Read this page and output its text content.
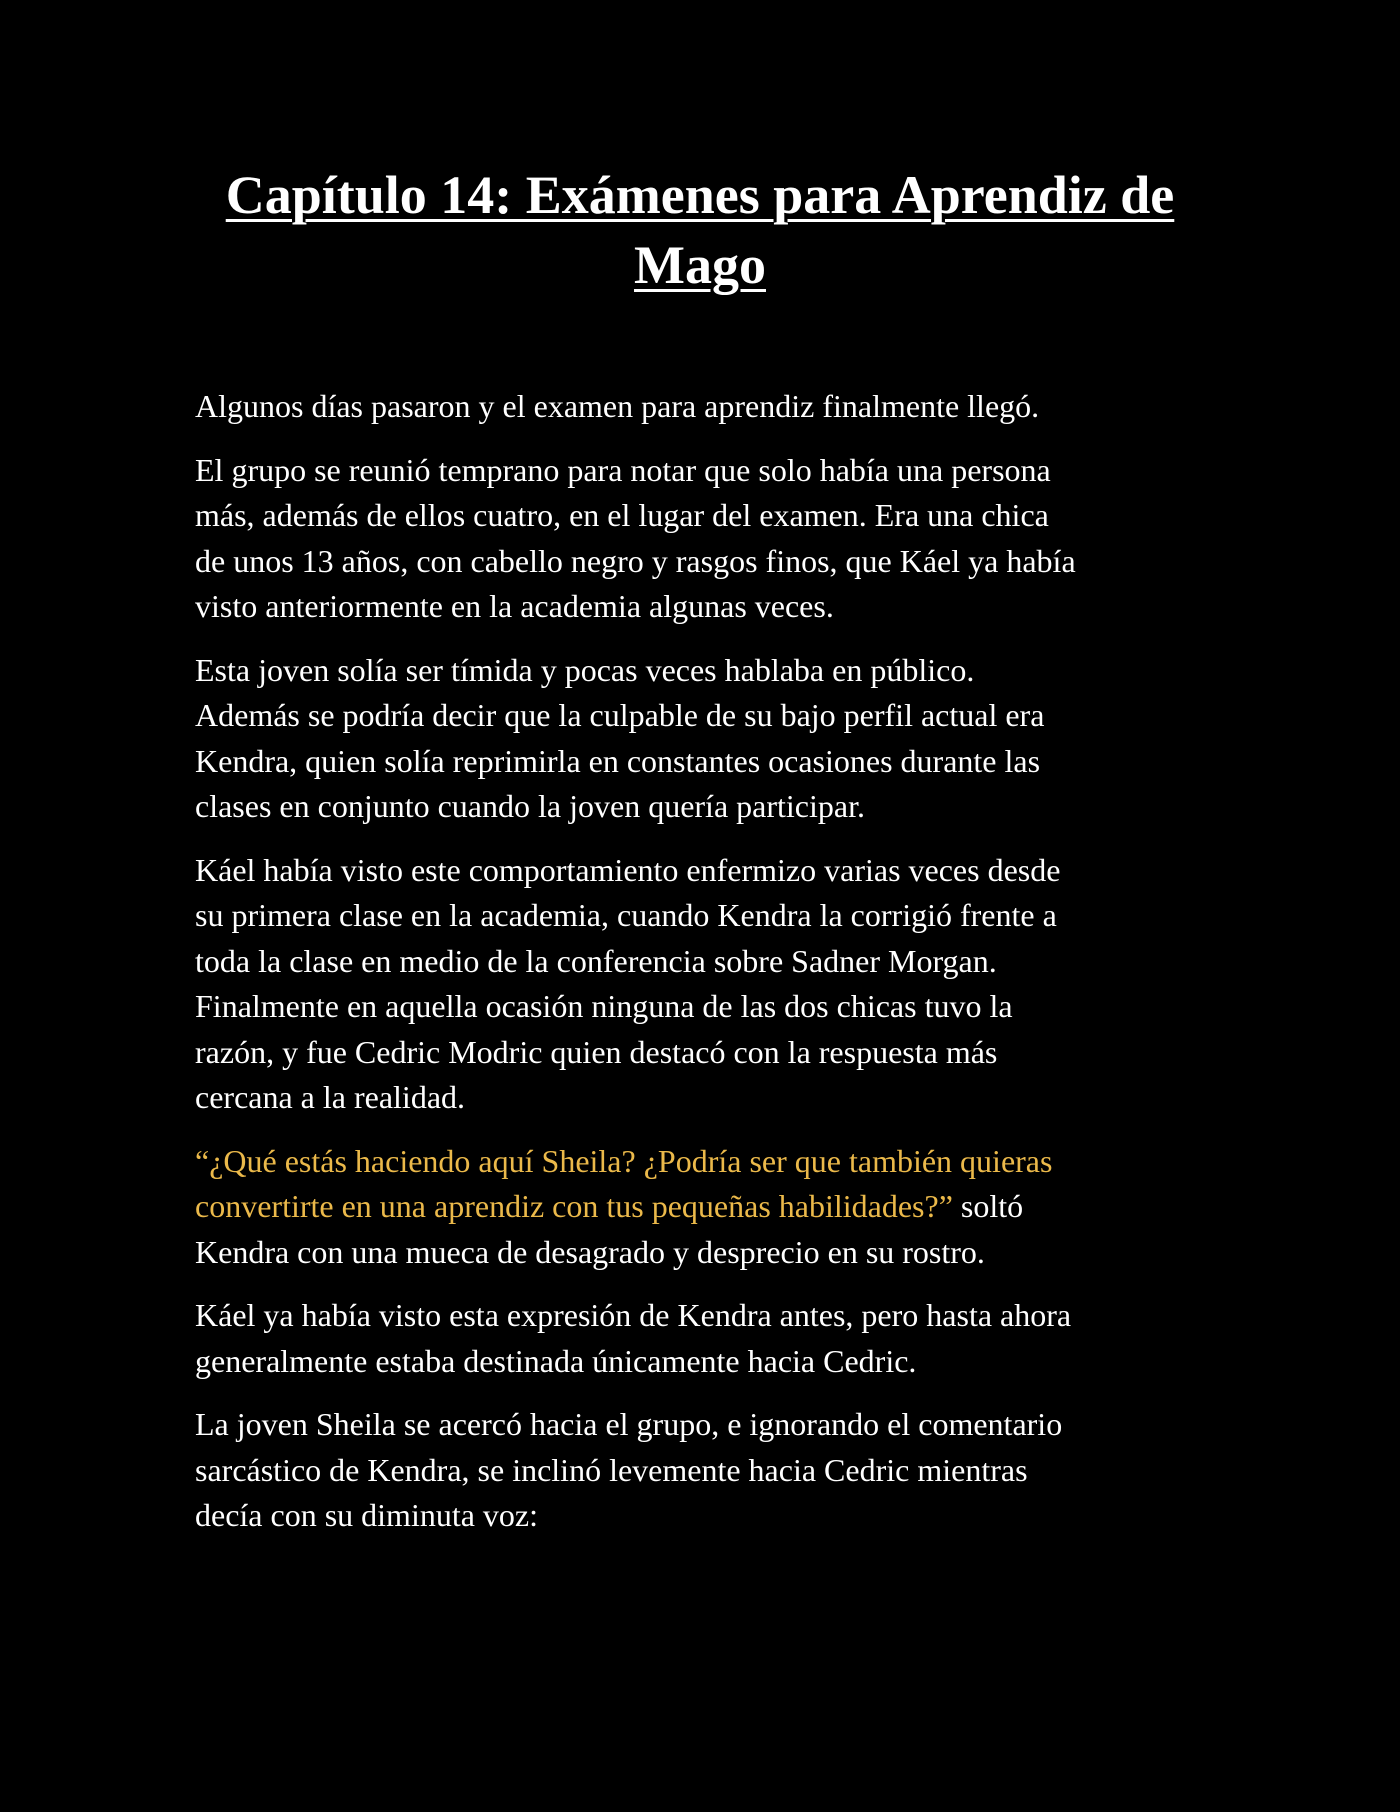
Capítulo 14: Exámenes para Aprendiz de
Mago

Algunos días pasaron y el examen para aprendiz finalmente llegó.

El grupo se reunió temprano para notar que solo había una persona
más, además de ellos cuatro, en el lugar del examen. Era una chica
de unos 13 años, con cabello negro y rasgos finos, que Káel ya había
visto anteriormente en la academia algunas veces.

Esta joven solía ser tímida y pocas veces hablaba en público.
Además se podría decir que la culpable de su bajo perfil actual era
Kendra, quien solía reprimirla en constantes ocasiones durante las
clases en conjunto cuando la joven quería participar.

Káel había visto este comportamiento enfermizo varias veces desde
su primera clase en la academia, cuando Kendra la corrigió frente a
toda la clase en medio de la conferencia sobre Sadner Morgan.
Finalmente en aquella ocasión ninguna de las dos chicas tuvo la
razón, y fue Cedric Modric quien destacó con la respuesta más
cercana a la realidad.

“¿Qué estás haciendo aquí Sheila? ¿Podría ser que también quieras
convertirte en una aprendiz con tus pequeñas habilidades?” soltó
Kendra con una mueca de desagrado y desprecio en su rostro.

Káel ya había visto esta expresión de Kendra antes, pero hasta ahora
generalmente estaba destinada únicamente hacia Cedric.

La joven Sheila se acercó hacia el grupo, e ignorando el comentario
sarcástico de Kendra, se inclinó levemente hacia Cedric mientras
decía con su diminuta voz:
